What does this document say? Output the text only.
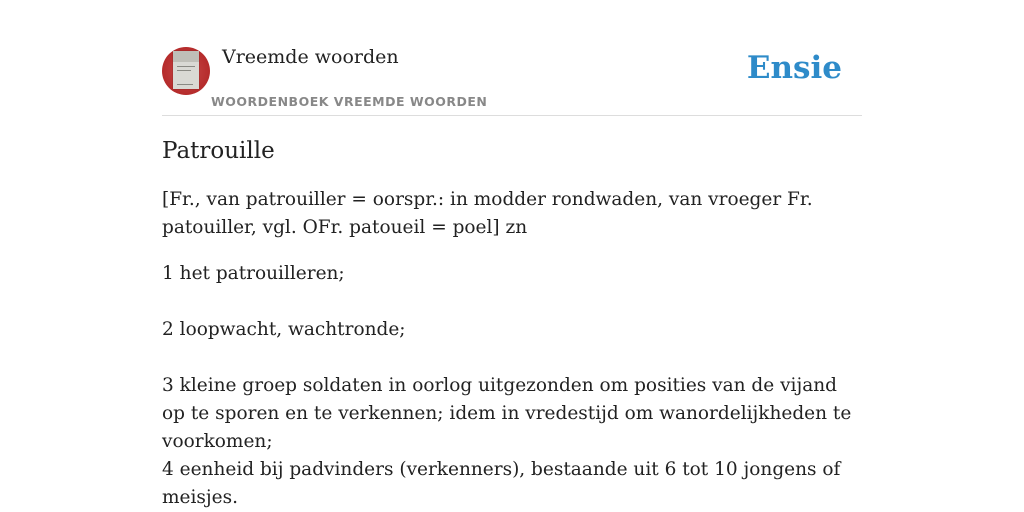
Vreemde woorden
WOORDENBOEK VREEMDE WOORDEN
Ensie
Patrouille

[Fr., van patrouiller = oorspr.: in modder rondwaden, van vroeger Fr. patouiller, vgl. OFr. patoueil = poel] zn

1 het patrouilleren;
2 loopwacht, wachtronde;
3 kleine groep soldaten in oorlog uitgezonden om posities van de vijand op te sporen en te verkennen; idem in vredestijd om wanordelijkheden te voorkomen;
4 eenheid bij padvinders (verkenners), bestaande uit 6 tot 10 jongens of meisjes.
